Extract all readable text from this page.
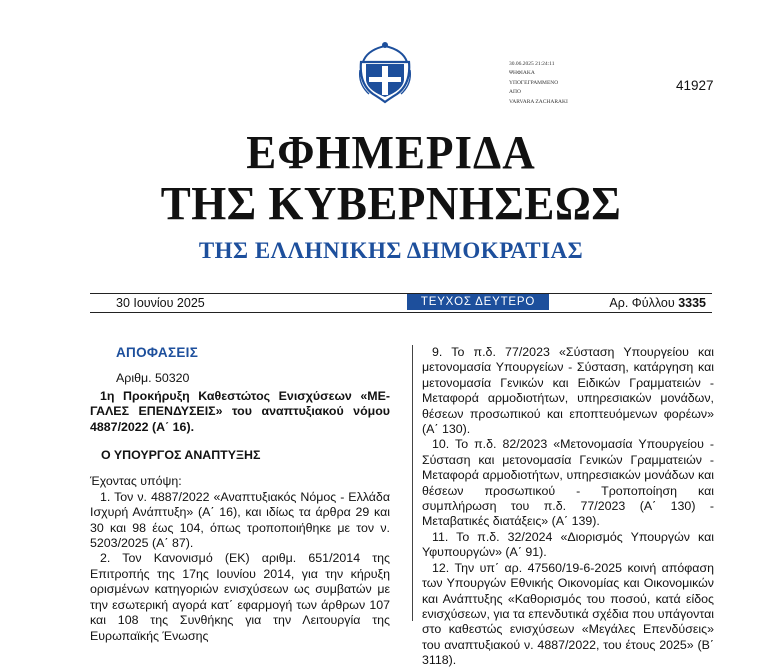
30.06.2025 21:24:11
ΨΗΦΙΑΚΑ
ΥΠΟΓΕΓΡΑΜΜΕΝΟ
ΑΠΟ
VARVARA ZACHARAKI
41927
ΕΦΗΜΕΡΙΔΑ
ΤΗΣ ΚΥΒΕΡΝΗΣΕΩΣ
ΤΗΣ ΕΛΛΗΝΙΚΗΣ ΔΗΜΟΚΡΑΤΙΑΣ
30 Ιουνίου 2025	ΤΕΥΧΟΣ ΔΕΥΤΕΡΟ	Αρ. Φύλλου 3335

ΑΠΟΦΑΣΕΙΣ

Αριθμ. 50320

1η Προκήρυξη Καθεστώτος Ενισχύσεων «ΜΕ-ΓΑΛΕΣ ΕΠΕΝΔΥΣΕΙΣ» του αναπτυξιακού νόμου 4887/2022 (Α΄ 16).

Ο ΥΠΟΥΡΓΟΣ ΑΝΑΠΤΥΞΗΣ

Έχοντας υπόψη:

1. Τον ν. 4887/2022 «Αναπτυξιακός Νόμος - Ελλάδα Ισχυρή Ανάπτυξη» (Α΄ 16), και ιδίως τα άρθρα 29 και 30 και 98 έως 104, όπως τροποποιήθηκε με τον ν. 5203/2025 (Α΄ 87).

2. Τον Κανονισμό (ΕΚ) αριθμ. 651/2014 της Επιτροπής της 17ης Ιουνίου 2014, για την κήρυξη ορισμένων κατηγοριών ενισχύσεων ως συμβατών με την εσωτερική αγορά κατ΄ εφαρμογή των άρθρων 107 και 108 της Συνθήκης για την Λειτουργία της Ευρωπαϊκής Ένωσης

9. Το π.δ. 77/2023 «Σύσταση Υπουργείου και μετονομασία Υπουργείων - Σύσταση, κατάργηση και μετονομασία Γενικών και Ειδικών Γραμματειών - Μεταφορά αρμοδιοτήτων, υπηρεσιακών μονάδων, θέσεων προσωπικού και εποπτευόμενων φορέων» (Α΄ 130).

10. Το π.δ. 82/2023 «Μετονομασία Υπουργείου - Σύσταση και μετονομασία Γενικών Γραμματειών - Μεταφορά αρμοδιοτήτων, υπηρεσιακών μονάδων και θέσεων προσωπικού - Τροποποίηση και συμπλήρωση του π.δ. 77/2023 (Α΄ 130) - Μεταβατικές διατάξεις» (Α΄ 139).

11. Το π.δ. 32/2024 «Διορισμός Υπουργών και Υφυπουργών» (Α΄ 91).

12. Την υπ΄ αρ. 47560/19-6-2025 κοινή απόφαση των Υπουργών Εθνικής Οικονομίας και Οικονομικών και Ανάπτυξης «Καθορισμός του ποσού, κατά είδος ενισχύσεων, για τα επενδυτικά σχέδια που υπάγονται στο καθεστώς ενισχύσεων «Μεγάλες Επενδύσεις» του αναπτυξιακού ν. 4887/2022, του έτους 2025» (Β΄ 3118).
